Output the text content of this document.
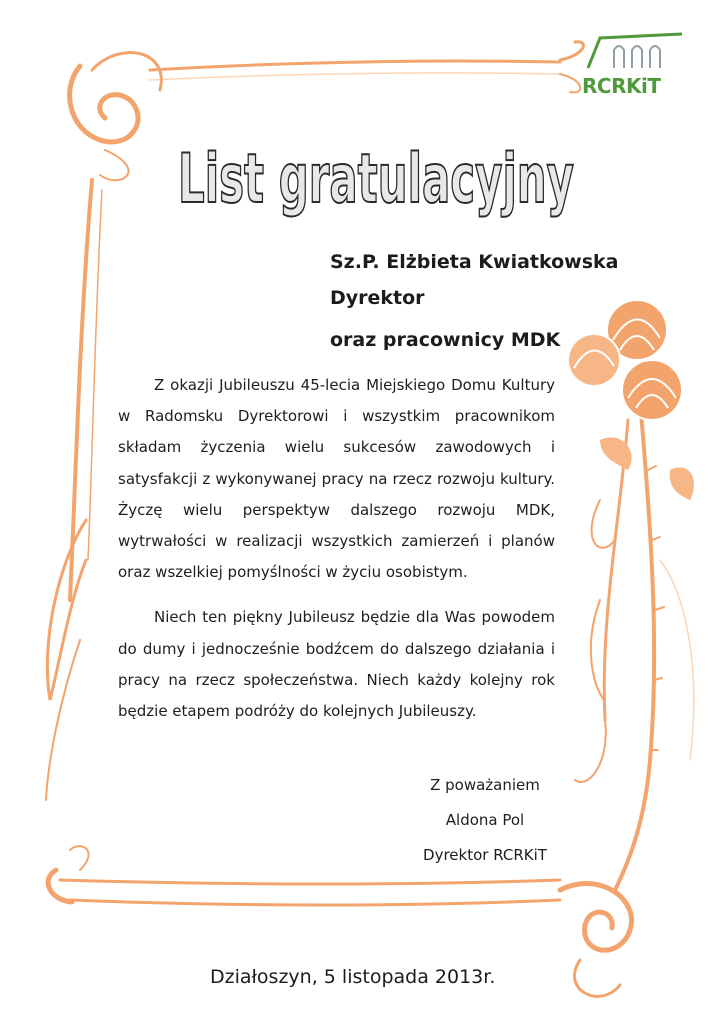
RCRKiT
List gratulacyjny
Sz.P. Elżbieta Kwiatkowska
Dyrektor
oraz pracownicy MDK

Z okazji Jubileuszu 45-lecia Miejskiego Domu Kultury w Radomsku Dyrektorowi i wszystkim pracownikom składam życzenia wielu sukcesów zawodowych i satysfakcji z wykonywanej pracy na rzecz rozwoju kultury. Życzę wielu perspektyw dalszego rozwoju MDK, wytrwałości w realizacji wszystkich zamierzeń i planów oraz wszelkiej pomyślności w życiu osobistym.

Niech ten piękny Jubileusz będzie dla Was powodem do dumy i jednocześnie bodźcem do dalszego działania i pracy na rzecz społeczeństwa. Niech każdy kolejny rok będzie etapem podróży do kolejnych Jubileuszy.

Z poważaniem
Aldona Pol
Dyrektor RCRKiT
Działoszyn, 5 listopada 2013r.
